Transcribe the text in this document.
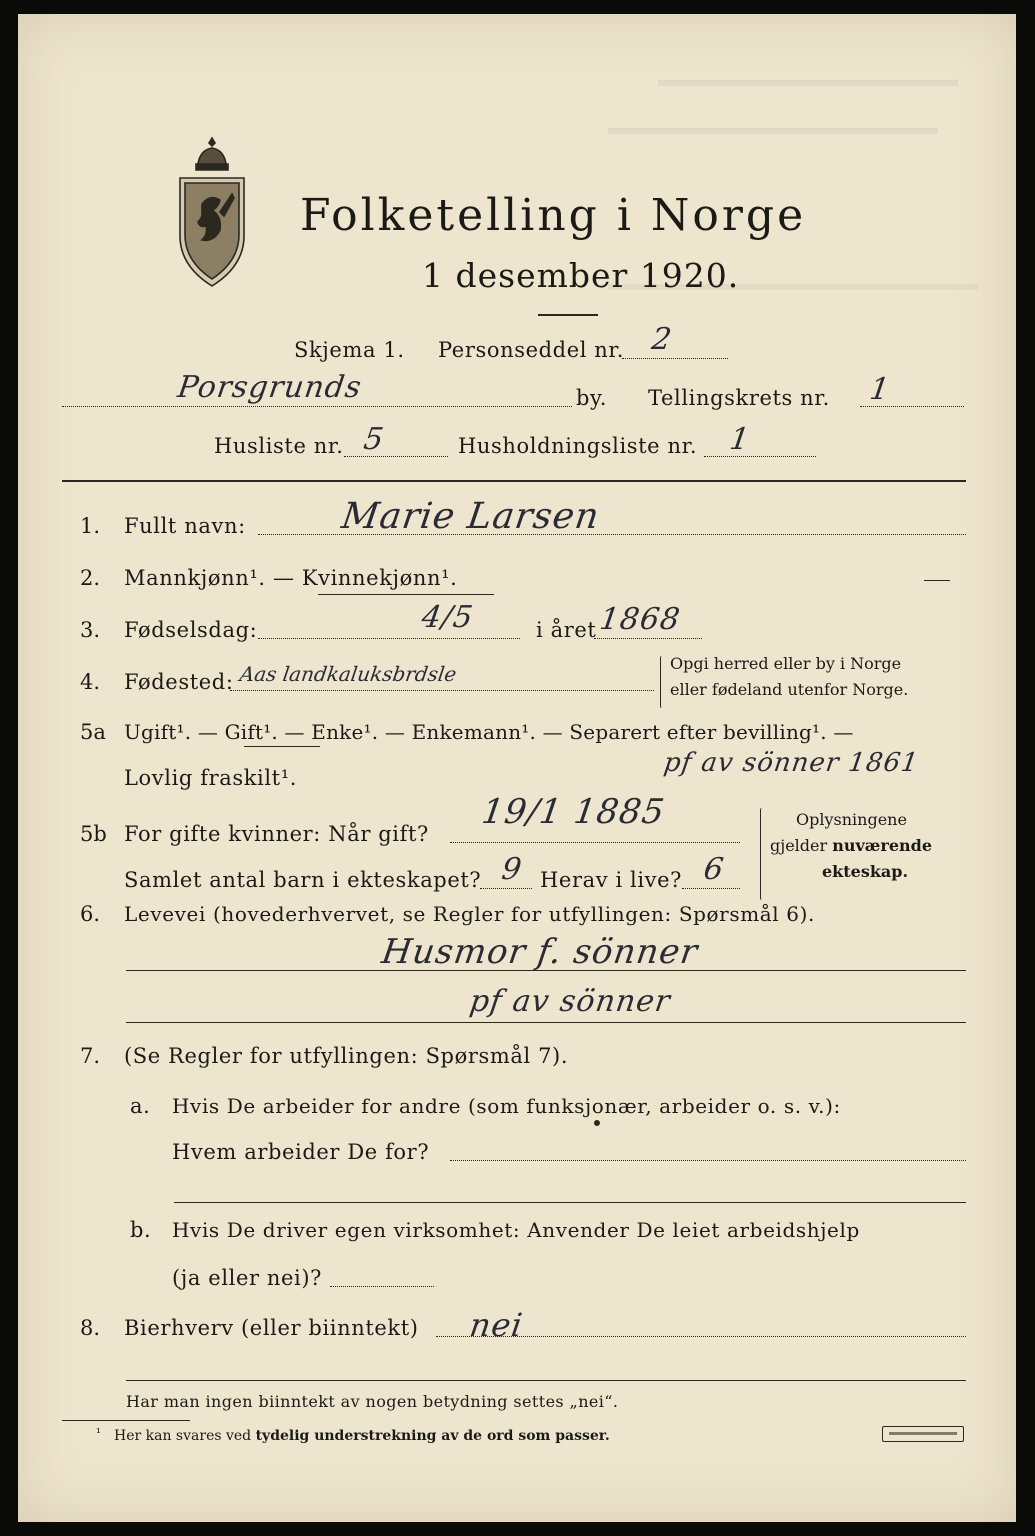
Folketelling i Norge
1 desember 1920.
Skjema 1. Personseddel nr. 2
Porsgrunds	by. Tellingskrets nr. 1
Husliste nr. 5	Husholdningsliste nr. 1
1. Fullt navn:	Marie Larsen
2. Mannkjønn¹. — Kvinnekjønn¹.
3. Fødselsdag:	4/5	i året 1868
4. Fødested: Aas landkaluksbrdsle	Opgi herred eller by i Norge
eller fødeland utenfor Norge.
5a Ugift¹. — Gift¹. — Enke¹. — Enkemann¹. — Separert efter bevilling¹. —
Lovlig fraskilt¹.	pf av sönner 1861
5b For gifte kvinner: Når gift?
19/1 1885
Samlet antal barn i ekteskapet? 9 Herav i live? 6
Oplysningene
gjelder nuværende
ekteskap.
6. Levevei (hovederhvervet, se Regler for utfyllingen: Spørsmål 6).
Husmor f. sönner
pf av sönner
7. (Se Regler for utfyllingen: Spørsmål 7).
a. Hvis De arbeider for andre (som funksjonær, arbeider o. s. v.):
Hvem arbeider De for?
b. Hvis De driver egen virksomhet: Anvender De leiet arbeidshjelp
(ja eller nei)?
8. Bierhverv (eller biinntekt) nei
Har man ingen biinntekt av nogen betydning settes „nei“.
¹ Her kan svares ved tydelig understrekning av de ord som passer.
